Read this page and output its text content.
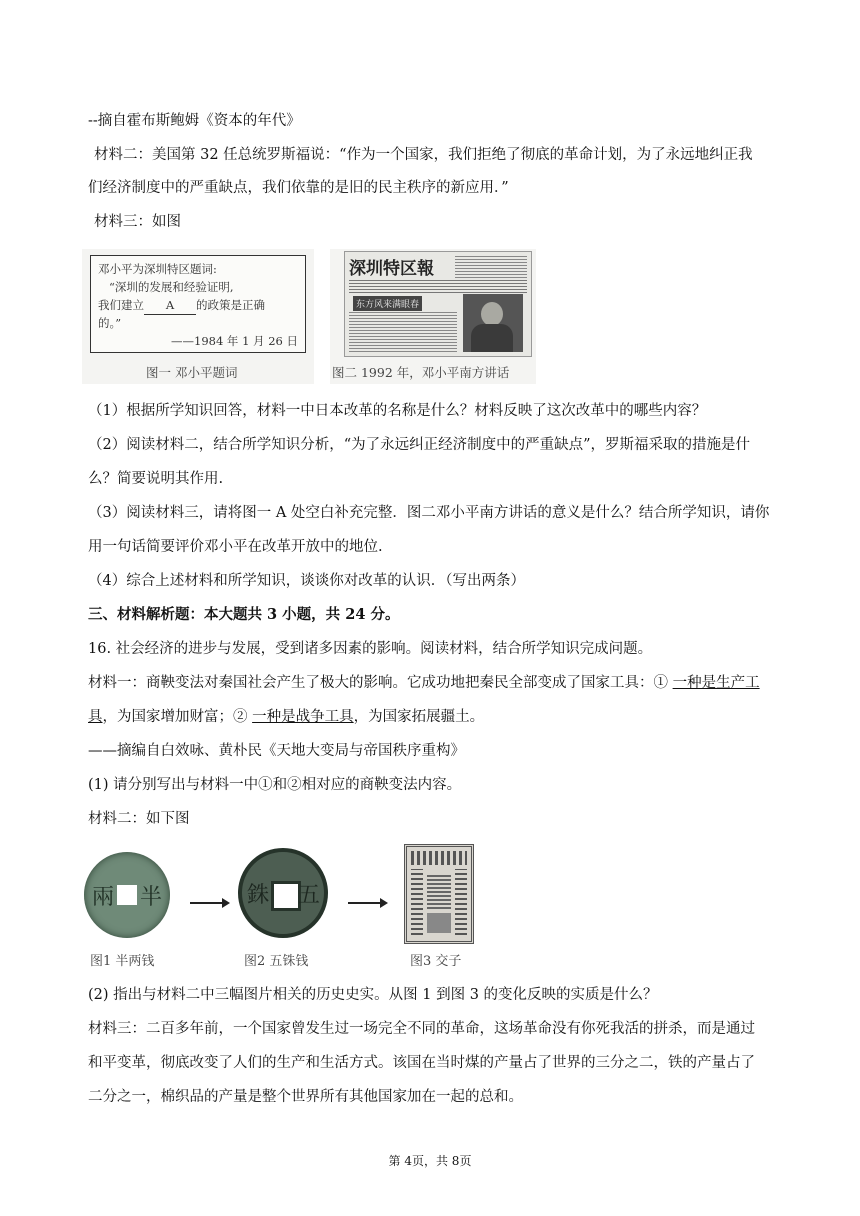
--摘自霍布斯鲍姆《资本的年代》
材料二：美国第 32 任总统罗斯福说：“作为一个国家，我们拒绝了彻底的革命计划，为了永远地纠正我
们经济制度中的严重缺点，我们依靠的是旧的民主秩序的新应用．”
材料三：如图
邓小平为深圳特区题词:
“深圳的发展和经验证明,
我们建立 A 的政策是正确
的。”
——1984 年 1 月 26 日
图一 邓小平题词
深圳特区報
东方风来满眼春
图二 1992 年，邓小平南方讲话
（1）根据所学知识回答，材料一中日本改革的名称是什么？材料反映了这次改革中的哪些内容？
（2）阅读材料二，结合所学知识分析，“为了永远纠正经济制度中的严重缺点”，罗斯福采取的措施是什
么？简要说明其作用.
（3）阅读材料三，请将图一 A 处空白补充完整．图二邓小平南方讲话的意义是什么？结合所学知识，请你
用一句话简要评价邓小平在改革开放中的地位.
（4）综合上述材料和所学知识，谈谈你对改革的认识．（写出两条）
三、材料解析题：本大题共 3 小题，共 24 分。
16. 社会经济的进步与发展，受到诸多因素的影响。阅读材料，结合所学知识完成问题。
材料一：商鞅变法对秦国社会产生了极大的影响。它成功地把秦民全部变成了国家工具：① 一种是生产工
具，为国家增加财富；② 一种是战争工具，为国家拓展疆土。
——摘编自白效咏、黄朴民《天地大变局与帝国秩序重构》
(1) 请分别写出与材料一中①和②相对应的商鞅变法内容。
材料二：如下图
兩 半
图1 半两钱
銖 五
图2 五铢钱	图3 交子
(2) 指出与材料二中三幅图片相关的历史史实。从图 1 到图 3 的变化反映的实质是什么？
材料三：二百多年前，一个国家曾发生过一场完全不同的革命，这场革命没有你死我活的拼杀，而是通过
和平变革，彻底改变了人们的生产和生活方式。该国在当时煤的产量占了世界的三分之二，铁的产量占了
二分之一，棉织品的产量是整个世界所有其他国家加在一起的总和。
第 4页，共 8页
